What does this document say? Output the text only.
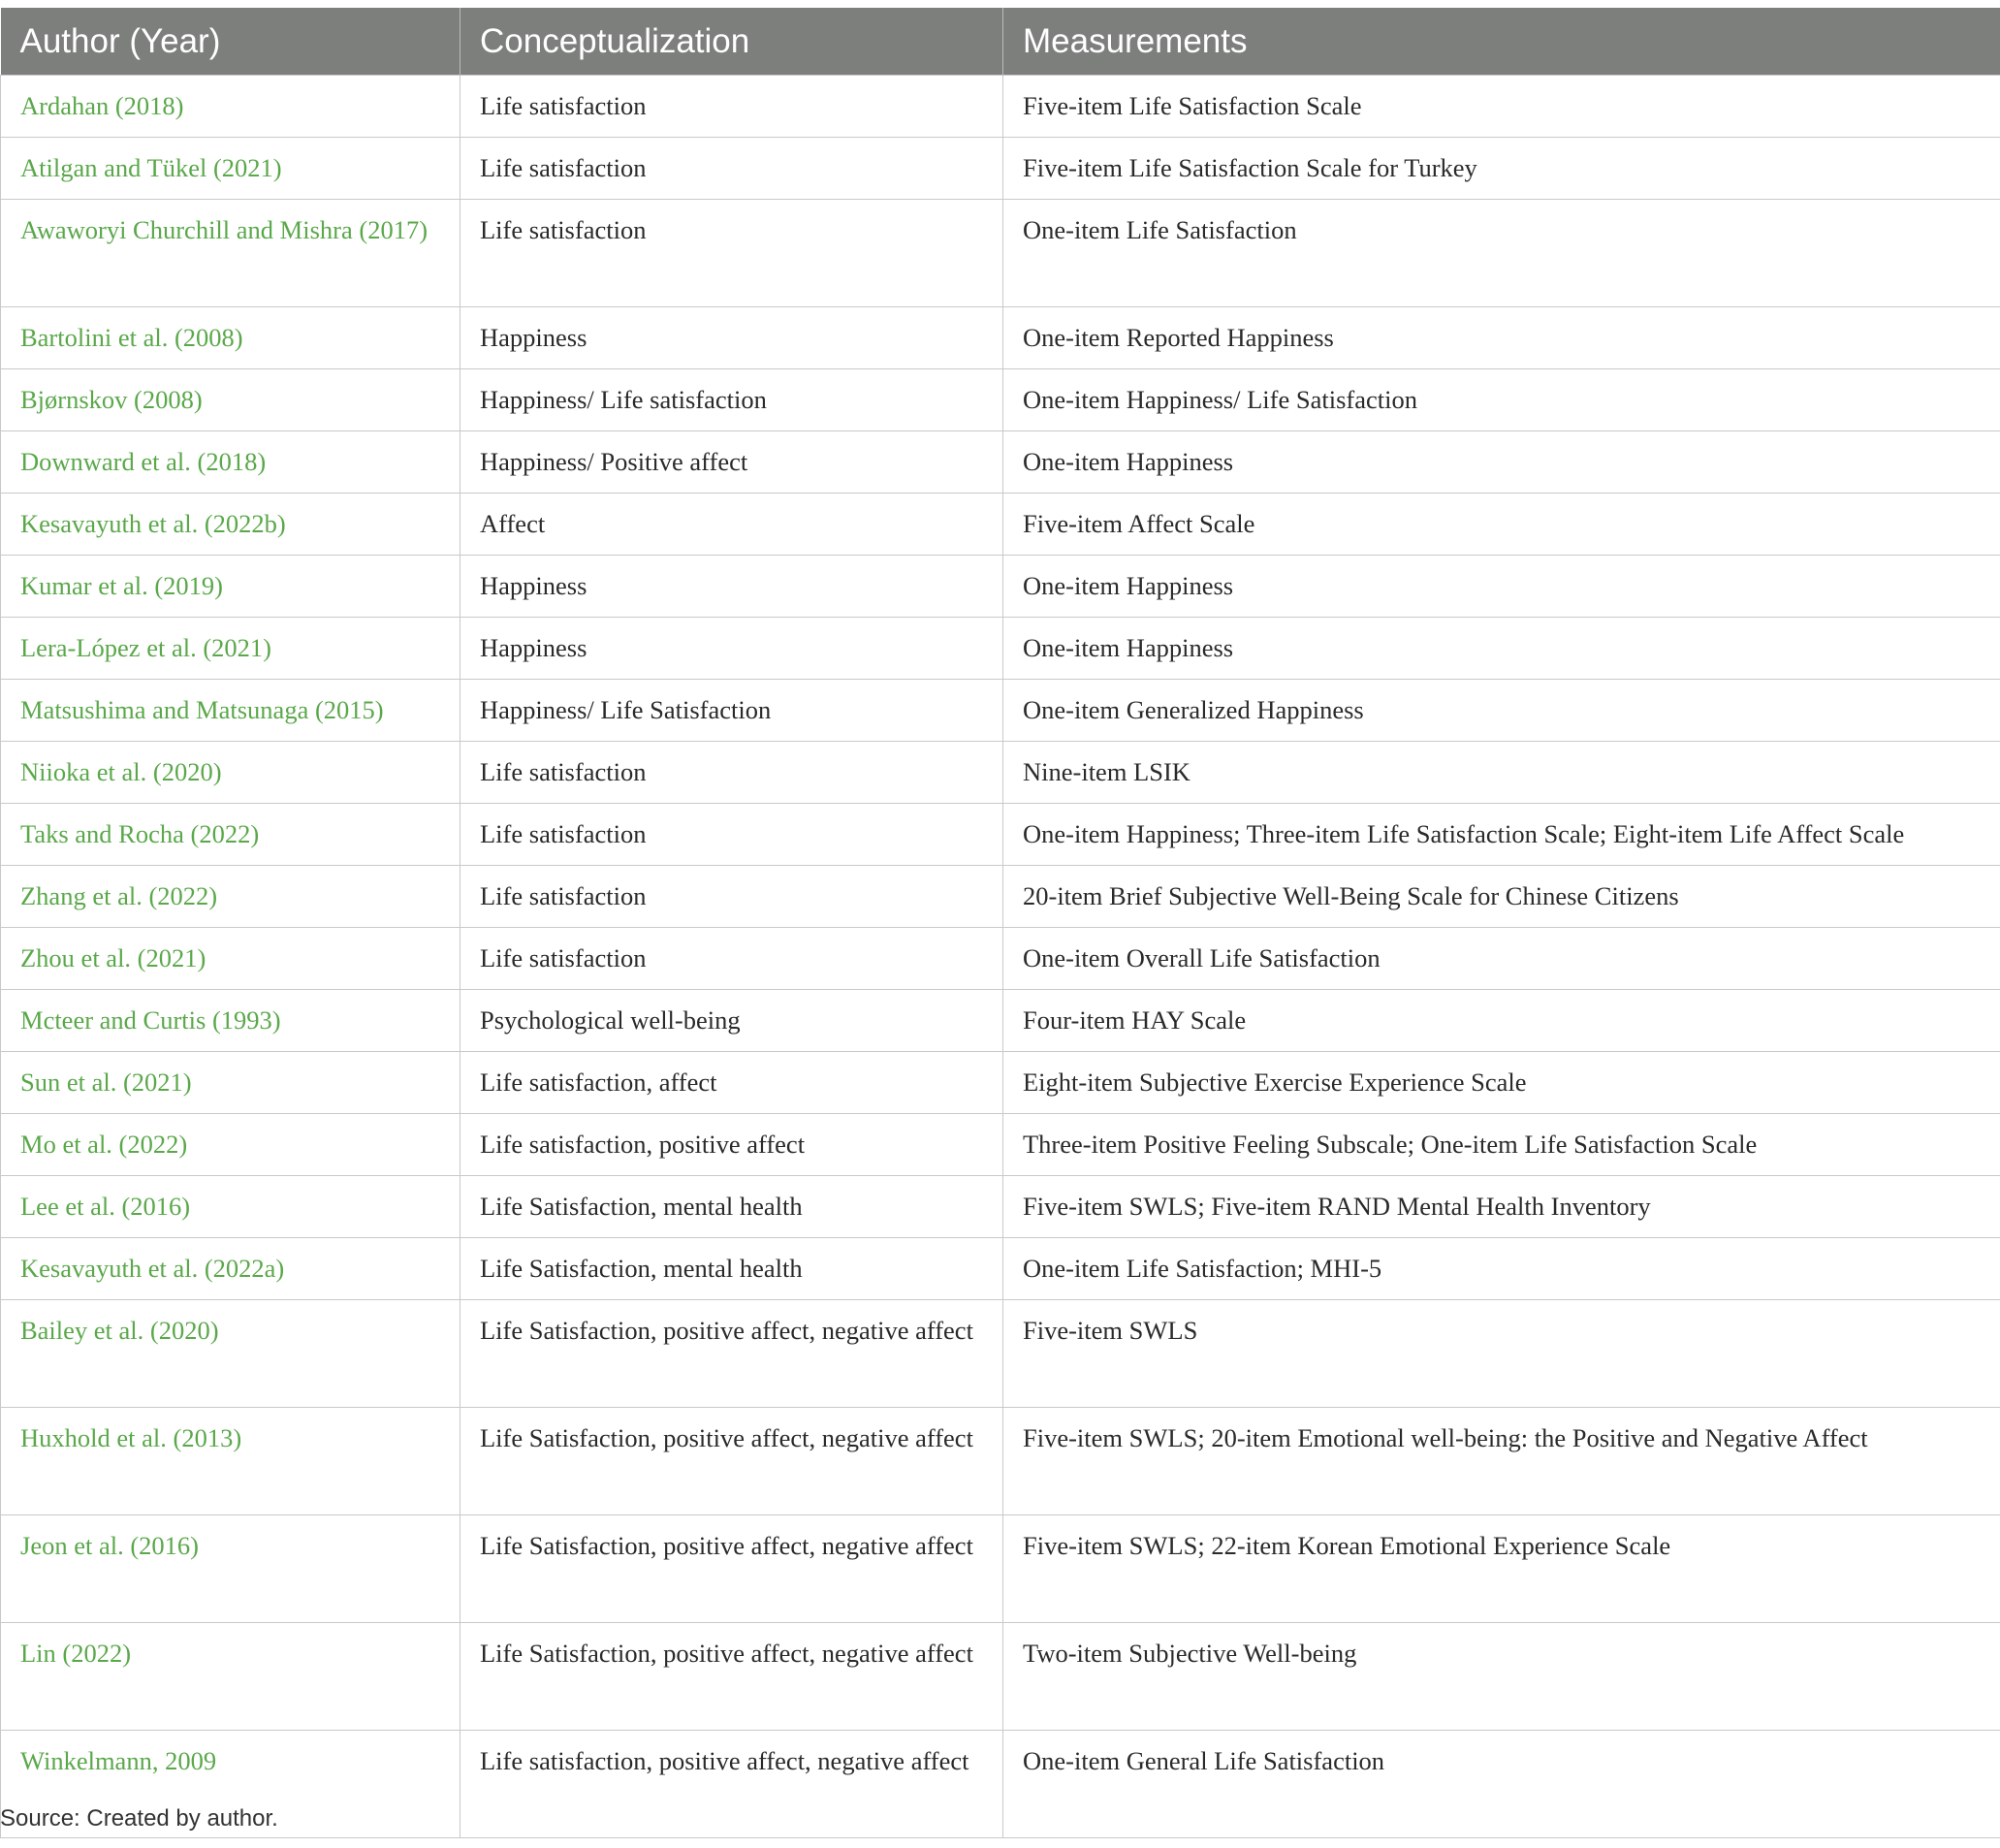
Author (Year)	Conceptualization	Measurements
Ardahan (2018)	Life satisfaction	Five-item Life Satisfaction Scale
Atilgan and Tükel (2021)	Life satisfaction	Five-item Life Satisfaction Scale for Turkey
Awaworyi Churchill and Mishra (2017)	Life satisfaction	One-item Life Satisfaction
Bartolini et al. (2008)	Happiness	One-item Reported Happiness
Bjørnskov (2008)	Happiness/ Life satisfaction	One-item Happiness/ Life Satisfaction
Downward et al. (2018)	Happiness/ Positive affect	One-item Happiness
Kesavayuth et al. (2022b)	Affect	Five-item Affect Scale
Kumar et al. (2019)	Happiness	One-item Happiness
Lera-López et al. (2021)	Happiness	One-item Happiness
Matsushima and Matsunaga (2015)	Happiness/ Life Satisfaction	One-item Generalized Happiness
Niioka et al. (2020)	Life satisfaction	Nine-item LSIK
Taks and Rocha (2022)	Life satisfaction	One-item Happiness; Three-item Life Satisfaction Scale; Eight-item Life Affect Scale
Zhang et al. (2022)	Life satisfaction	20-item Brief Subjective Well-Being Scale for Chinese Citizens
Zhou et al. (2021)	Life satisfaction	One-item Overall Life Satisfaction
Mcteer and Curtis (1993)	Psychological well-being	Four-item HAY Scale
Sun et al. (2021)	Life satisfaction, affect	Eight-item Subjective Exercise Experience Scale
Mo et al. (2022)	Life satisfaction, positive affect	Three-item Positive Feeling Subscale; One-item Life Satisfaction Scale
Lee et al. (2016)	Life Satisfaction, mental health	Five-item SWLS; Five-item RAND Mental Health Inventory
Kesavayuth et al. (2022a)	Life Satisfaction, mental health	One-item Life Satisfaction; MHI-5
Bailey et al. (2020)	Life Satisfaction, positive affect, negative affect	Five-item SWLS
Huxhold et al. (2013)	Life Satisfaction, positive affect, negative affect	Five-item SWLS; 20-item Emotional well-being: the Positive and Negative Affect
Jeon et al. (2016)	Life Satisfaction, positive affect, negative affect	Five-item SWLS; 22-item Korean Emotional Experience Scale
Lin (2022)	Life Satisfaction, positive affect, negative affect	Two-item Subjective Well-being
Winkelmann, 2009	Life satisfaction, positive affect, negative affect	One-item General Life Satisfaction
Source: Created by author.
